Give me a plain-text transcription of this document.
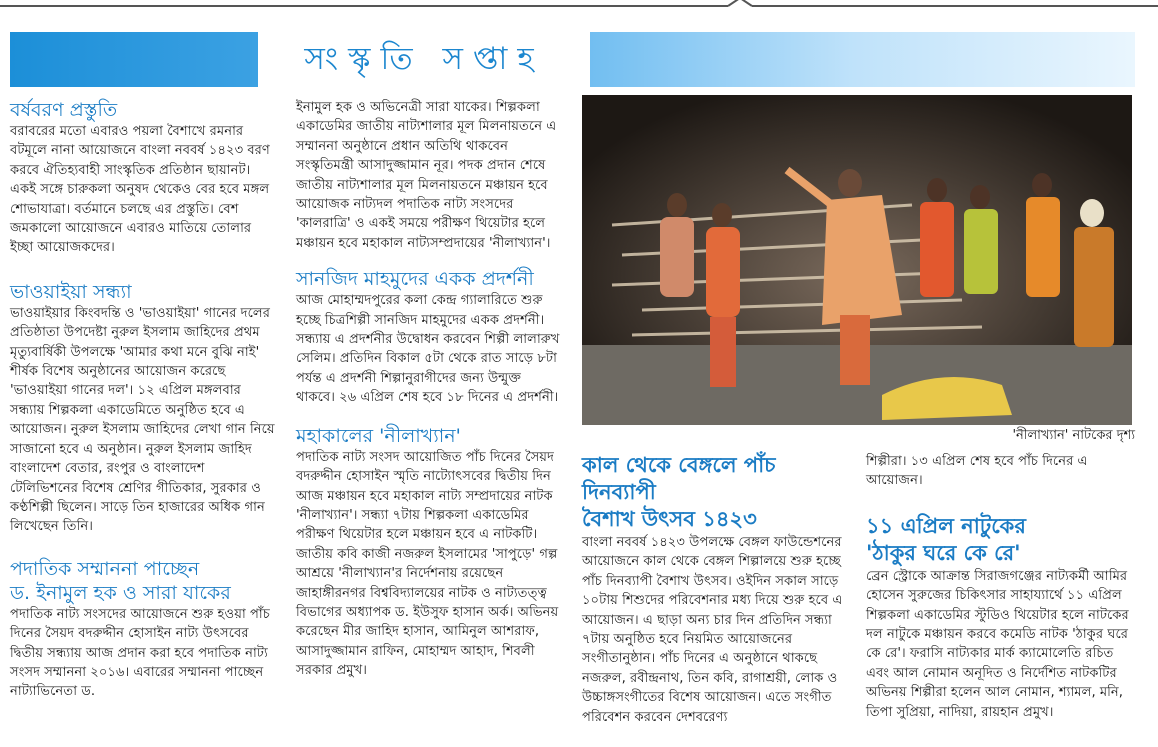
সংস্কৃতি সপ্তাহ
বর্ষবরণ প্রস্তুতি

বরাবরের মতো এবারও পয়লা বৈশাখে রমনার বটমূলে নানা আয়োজনে বাংলা নববর্ষ ১৪২৩ বরণ করবে ঐতিহ্যবাহী সাংস্কৃতিক প্রতিষ্ঠান ছায়ানট। একই সঙ্গে চারুকলা অনুষদ থেকেও বের হবে মঙ্গল শোভাযাত্রা। বর্তমানে চলছে এর প্রস্তুতি। বেশ জমকালো আয়োজনে এবারও মাতিয়ে তোলার ইচ্ছা আয়োজকদের।

ভাওয়াইয়া সন্ধ্যা

ভাওয়াইয়ার কিংবদন্তি ও 'ভাওয়াইয়া' গানের দলের প্রতিষ্ঠাতা উপদেষ্টা নুরুল ইসলাম জাহিদের প্রথম মৃত্যুবার্ষিকী উপলক্ষে 'আমার কথা মনে বুঝি নাই' শীর্ষক বিশেষ অনুষ্ঠানের আয়োজন করেছে 'ভাওয়াইয়া গানের দল'। ১২ এপ্রিল মঙ্গলবার সন্ধ্যায় শিল্পকলা একাডেমিতে অনুষ্ঠিত হবে এ আয়োজন। নুরুল ইসলাম জাহিদের লেখা গান নিয়ে সাজানো হবে এ অনুষ্ঠান। নুরুল ইসলাম জাহিদ বাংলাদেশ বেতার, রংপুর ও বাংলাদেশ টেলিভিশনের বিশেষ শ্রেণির গীতিকার, সুরকার ও কণ্ঠশিল্পী ছিলেন। সাড়ে তিন হাজারের অধিক গান লিখেছেন তিনি।

পদাতিক সম্মাননা পাচ্ছেন
ড. ইনামুল হক ও সারা যাকের

পদাতিক নাট্য সংসদের আয়োজনে শুরু হওয়া পাঁচ দিনের সৈয়দ বদরুদ্দীন হোসাইন নাট্য উৎসবের দ্বিতীয় সন্ধ্যায় আজ প্রদান করা হবে পদাতিক নাট্য সংসদ সম্মাননা ২০১৬। এবারের সম্মাননা পাচ্ছেন নাট্যাভিনেতা ড.

ইনামুল হক ও অভিনেত্রী সারা যাকের। শিল্পকলা একাডেমির জাতীয় নাট্যশালার মূল মিলনায়তনে এ সম্মাননা অনুষ্ঠানে প্রধান অতিথি থাকবেন সংস্কৃতিমন্ত্রী আসাদুজ্জামান নূর। পদক প্রদান শেষে জাতীয় নাট্যশালার মূল মিলনায়তনে মঞ্চায়ন হবে আয়োজক নাট্যদল পদাতিক নাট্য সংসদের 'কালরাত্রি' ও একই সময়ে পরীক্ষণ থিয়েটার হলে মঞ্চায়ন হবে মহাকাল নাট্যসম্প্রদায়ের 'নীলাখ্যান'।

সানজিদ মাহমুদের একক প্রদর্শনী

আজ মোহাম্মদপুরের কলা কেন্দ্র গ্যালারিতে শুরু হচ্ছে চিত্রশিল্পী সানজিদ মাহমুদের একক প্রদর্শনী। সন্ধ্যায় এ প্রদর্শনীর উদ্বোধন করবেন শিল্পী লালারুখ সেলিম। প্রতিদিন বিকাল ৫টা থেকে রাত সাড়ে ৮টা পর্যন্ত এ প্রদর্শনী শিল্পানুরাগীদের জন্য উন্মুক্ত থাকবে। ২৬ এপ্রিল শেষ হবে ১৮ দিনের এ প্রদর্শনী।

মহাকালের 'নীলাখ্যান'

পদাতিক নাট্য সংসদ আয়োজিত পাঁচ দিনের সৈয়দ বদরুদ্দীন হোসাইন স্মৃতি নাট্যোৎসবের দ্বিতীয় দিন আজ মঞ্চায়ন হবে মহাকাল নাট্য সম্প্রদায়ের নাটক 'নীলাখ্যান'। সন্ধ্যা ৭টায় শিল্পকলা একাডেমির পরীক্ষণ থিয়েটার হলে মঞ্চায়ন হবে এ নাটকটি। জাতীয় কবি কাজী নজরুল ইসলামের 'সাপুড়ে' গল্প আশ্রয়ে 'নীলাখ্যান'র নির্দেশনায় রয়েছেন জাহাঙ্গীরনগর বিশ্ববিদ্যালয়ের নাটক ও নাট্যতত্ত্ব বিভাগের অধ্যাপক ড. ইউসুফ হাসান অর্ক। অভিনয় করেছেন মীর জাহিদ হাসান, আমিনুল আশরাফ, আসাদুজ্জামান রাফিন, মোহাম্মদ আহাদ, শিবলী সরকার প্রমুখ।

'নীলাখ্যান' নাটকের দৃশ্য
কাল থেকে বেঙ্গলে পাঁচ দিনব্যাপী
বৈশাখ উৎসব ১৪২৩

বাংলা নববর্ষ ১৪২৩ উপলক্ষে বেঙ্গল ফাউন্ডেশনের আয়োজনে কাল থেকে বেঙ্গল শিল্পালয়ে শুরু হচ্ছে পাঁচ দিনব্যাপী বৈশাখ উৎসব। ওইদিন সকাল সাড়ে ১০টায় শিশুদের পরিবেশনার মধ্য দিয়ে শুরু হবে এ আয়োজন। এ ছাড়া অন্য চার দিন প্রতিদিন সন্ধ্যা ৭টায় অনুষ্ঠিত হবে নিয়মিত আয়োজনের সংগীতানুষ্ঠান। পাঁচ দিনের এ অনুষ্ঠানে থাকছে নজরুল, রবীন্দ্রনাথ, তিন কবি, রাগাশ্রয়ী, লোক ও উচ্চাঙ্গসংগীতের বিশেষ আয়োজন। এতে সংগীত পরিবেশন করবেন দেশবরেণ্য

শিল্পীরা। ১৩ এপ্রিল শেষ হবে পাঁচ দিনের এ আয়োজন।

১১ এপ্রিল নাটুকের
'ঠাকুর ঘরে কে রে'

ব্রেন স্ট্রোকে আক্রান্ত সিরাজগঞ্জের নাট্যকর্মী আমির হোসেন সুরুজের চিকিৎসার সাহায্যার্থে ১১ এপ্রিল শিল্পকলা একাডেমির স্টুডিও থিয়েটার হলে নাটকের দল নাটুকে মঞ্চায়ন করবে কমেডি নাটক 'ঠাকুর ঘরে কে রে'। ফরাসি নাট্যকার মার্ক ক্যামোলেতি রচিত এবং আল নোমান অনূদিত ও নির্দেশিত নাটকটির অভিনয় শিল্পীরা হলেন আল নোমান, শ্যামল, মনি, তিপা সুপ্রিয়া, নাদিয়া, রায়হান প্রমুখ।
